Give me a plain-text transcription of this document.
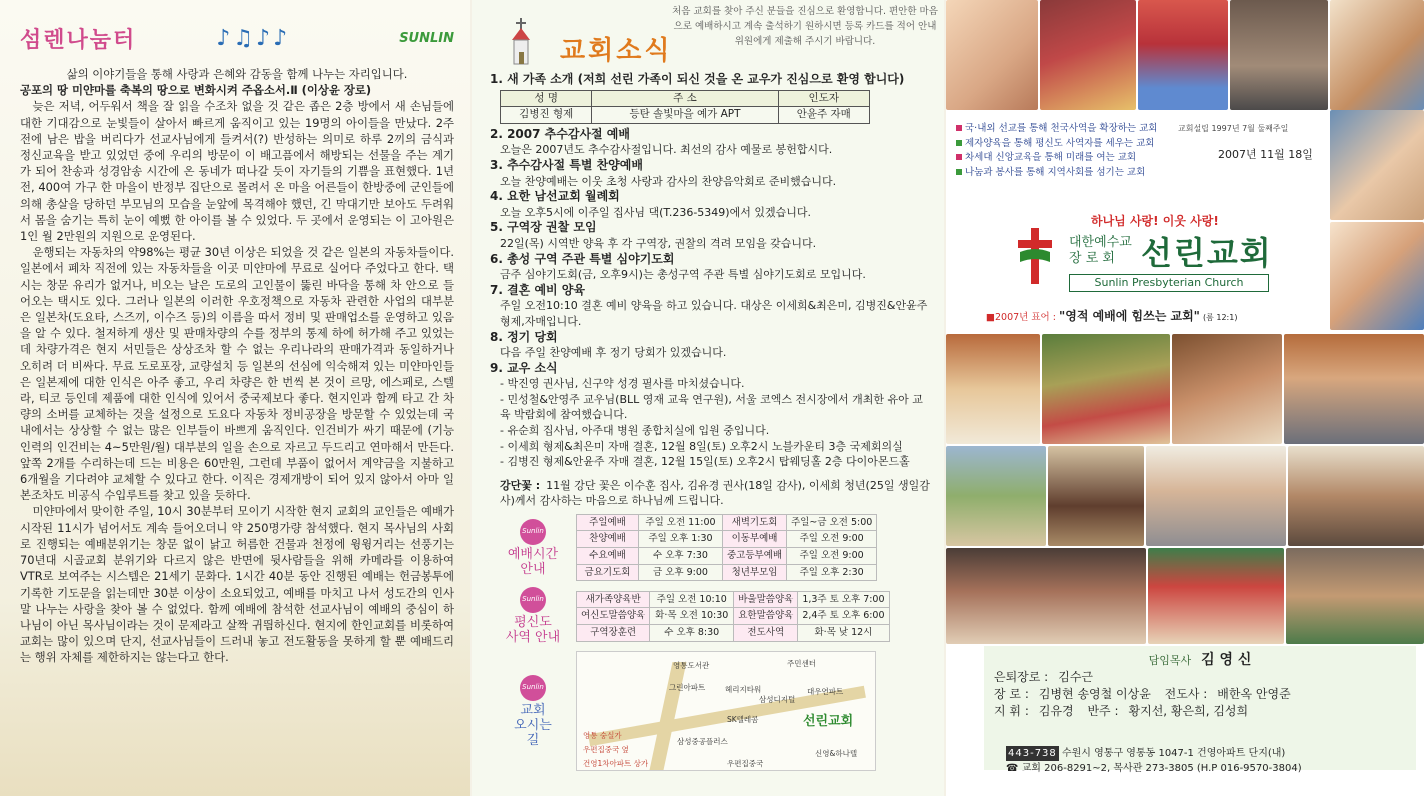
섬렌나눔터	♪♫♪♪	SUNLIN

삶의 이야기들을 통해 사랑과 은혜와 감동을 함께 나누는 자리입니다.

공포의 땅 미얀마를 축복의 땅으로 변화시켜 주옵소서.Ⅱ (이상윤 장로)

늦은 저녁, 어두워서 책을 잘 읽을 수조차 없을 것 같은 좁은 2층 방에서 새 손님들에 대한 기대감으로 눈빛들이 살아서 빠르게 움직이고 있는 19명의 아이들을 만났다. 2주전에 남은 밥을 버리다가 선교사님에게 들켜서(?) 반성하는 의미로 하루 2끼의 금식과 정신교육을 받고 있었던 중에 우리의 방문이 이 배고픔에서 해방되는 선물을 주는 계기가 되어 찬송과 성경암송 시간에 온 동네가 떠나갈 듯이 자기들의 기쁨을 표현했다. 1년 전, 400여 가구 한 마을이 반정부 집단으로 몰려서 온 마을 어른들이 한방중에 군인들에 의해 총살을 당하던 부모님의 모습을 눈앞에 목격해야 했던, 긴 막대기만 보아도 두려워서 몸을 숨기는 특히 눈이 예뻤 한 아이를 볼 수 있었다. 두 곳에서 운영되는 이 고아원은 1인 월 2만원의 지원으로 운영된다.

운행되는 자동차의 약98%는 평균 30년 이상은 되었을 것 같은 일본의 자동차들이다. 일본에서 폐차 직전에 있는 자동차들을 이곳 미얀마에 무료로 실어다 주었다고 한다. 택시는 창문 유리가 없거나, 비오는 날은 도로의 고인물이 뚫린 바닥을 통해 차 안으로 들어오는 택시도 있다. 그러나 일본의 이러한 우호정책으로 자동차 관련한 사업의 대부분은 일본차(도요타, 스즈끼, 이수즈 등)의 이름을 따서 정비 및 판매업소를 운영하고 있음을 알 수 있다. 철저하게 생산 및 판매차량의 수를 정부의 통제 하에 허가해 주고 있었는데 차량가격은 현지 서민들은 상상조차 할 수 없는 우리나라의 판매가격과 동일하거나 오히려 더 비싸다. 무료 도로포장, 교량설치 등 일본의 선심에 익숙해져 있는 미얀마인들은 일본제에 대한 인식은 아주 좋고, 우리 차량은 한 번씩 본 것이 르망, 에스페로, 스텔라, 티코 등인데 제품에 대한 인식에 있어서 중국제보다 좋다. 현지인과 함께 타고 간 차량의 소버를 교체하는 것을 설정으로 도요다 자동차 정비공장을 방문할 수 있었는데 국내에서는 상상할 수 없는 많은 인부들이 바쁘게 움직인다. 인건비가 싸기 때문에 (기능 인력의 인건비는 4~5만원/월) 대부분의 일을 손으로 자르고 두드리고 연마해서 만든다. 앞쪽 2개를 수리하는데 드는 비용은 60만원, 그런데 부품이 없어서 계약금을 지불하고 6개월을 기다려야 교체할 수 있다고 한다. 이직은 경제개방이 되어 있지 않아서 아마 일본조차도 비공식 수입루트를 찾고 있을 듯하다.

미얀마에서 맞이한 주일, 10시 30분부터 모이기 시작한 현지 교회의 교인들은 예배가 시작된 11시가 넘어서도 계속 들어오더니 약 250명가량 참석했다. 현지 목사님의 사회로 진행되는 예배분위기는 창문 없이 낡고 허름한 건물과 천정에 윙윙거리는 선풍기는 70년대 시골교회 분위기와 다르지 않은 반면에 뒷사람들을 위해 카메라를 이용하여 VTR로 보여주는 시스템은 21세기 문화다. 1시간 40분 동안 진행된 예배는 헌금봉투에 기록한 기도문을 읽는데만 30분 이상이 소요되었고, 예배를 마치고 나서 성도간의 인사말 나누는 사랑을 찾아 볼 수 없었다. 함께 예배에 참석한 선교사님이 예배의 중심이 하나님이 아닌 목사님이라는 것이 문제라고 살짝 귀띔하신다. 현지에 한인교회를 비롯하여 교회는 많이 있으며 단지, 선교사님들이 드러내 놓고 전도활동을 못하게 할 뿐 예배드리는 행위 자체를 제한하지는 않는다고 한다.

교회소식
처음 교회를 찾아 주신 분들을 진심으로 환영합니다. 편안한 마음으로 예배하시고 계속 출석하기 원하시면 등록 카드를 적어 안내위원에게 제출해 주시기 바랍니다.
1. 새 가족 소개 (저희 선린 가족이 되신 것을 온 교우가 진심으로 환영 합니다)
성 명	주 소	인도자
김병진 형제	등탄 솔빛마을 예가 APT	안윤주 자매
2. 2007 추수감사절 예배
오늘은 2007년도 추수감사절입니다. 최선의 감사 예물로 봉헌합시다.
3. 추수감사절 특별 찬양예배
오늘 찬양예배는 이웃 초청 사랑과 감사의 찬양음악회로 준비했습니다.
4. 요한 남선교회 월례회
오늘 오후5시에 이주일 집사님 댁(T.236-5349)에서 있겠습니다.
5. 구역장 권찰 모임
22일(목) 시역반 양육 후 각 구역장, 권찰의 격려 모임을 갖습니다.
6. 총성 구역 주관 특별 심야기도회
금주 심야기도회(금, 오후9시)는 총성구역 주관 특별 심야기도회로 모입니다.
7. 결혼 예비 양육
주일 오전10:10 결혼 예비 양육을 하고 있습니다. 대상은 이세희&최은미, 김병진&안윤주 형제,자매입니다.
8. 정기 당회
다음 주일 찬양예배 후 정기 당회가 있겠습니다.
9. 교우 소식
- 박진영 권사님, 신구약 성경 필사를 마치셨습니다.
- 민성철&안영주 교우님(BLL 영재 교육 연구원), 서울 코엑스 전시장에서 개최한 유아 교육 박람회에 참여했습니다.
- 유순희 집사님, 아주대 병원 종합치실에 입원 중입니다.
- 이세희 형제&최은미 자매 결혼, 12월 8일(토) 오후2시 노블카운티 3층 국제회의실
- 김병진 형제&안윤주 자매 결혼, 12월 15일(토) 오후2시 탑웨딩홀 2층 다이아몬드홀
강단꽃 : 11월 강단 꽃은 이수훈 집사, 김유경 권사(18일 감사), 이세희 청년(25일 생일감사)께서 감사하는 마음으로 하나님께 드립니다.
Sunlin
예배시간
안내
주일예배	주일 오전 11:00	새벽기도회	주일~금 오전 5:00
찬양예배	주일 오후 1:30	이동부예배	주일 오전 9:00
수요예배	수 오후 7:30	중고등부예배	주일 오전 9:00
금요기도회	금 오후 9:00	청년부모임	주일 오후 2:30
Sunlin
평신도
사역 안내
새가족양육반	주일 오전 10:10	바울말씀양육	1,3주 토 오후 7:00
여신도말씀양육	화·목 오전 10:30	요한말씀양육	2,4주 토 오후 6:00
구역장훈련	수 오후 8:30	전도사역	화·목 낮 12시
Sunlin
교회
오시는
길
영통도서관	주민센터
그린아파트	헤리지타워
삼성디지털
대우연파트
SK텔레콤
삼성중공플러스
우편집중국
신영&하나텔
영통 숭실가
우편집중국 옆
건영1차아파트 상가
선린교회
국·내외 선교를 통해 천국사역을 확장하는 교회
제자양육을 통해 평신도 사역자를 세우는 교회
차세대 신앙교육을 통해 미래를 여는 교회
나눔과 봉사를 통해 지역사회를 섬기는 교회
교회설립 1997년 7월 둘째주일
2007년 11월 18일
하나님 사랑! 이웃 사랑!
대한예수교
장 로 회 선린교회
Sunlin Presbyterian Church
■2007년 표어 : "영적 예배에 힘쓰는 교회" (롬 12:1)
담임목사 김 영 신
은퇴장로 : 김수근
장 로 : 김병현 송영철 이상윤 전도사 : 배한옥 안영준
지 휘 : 김유경 반주 : 황지선, 황은희, 김성희
443-738 수원시 영통구 영통동 1047-1 건영아파트 단지(내)
☎ 교회 206-8291~2, 목사관 273-3805 (H.P 016-9570-3804)
